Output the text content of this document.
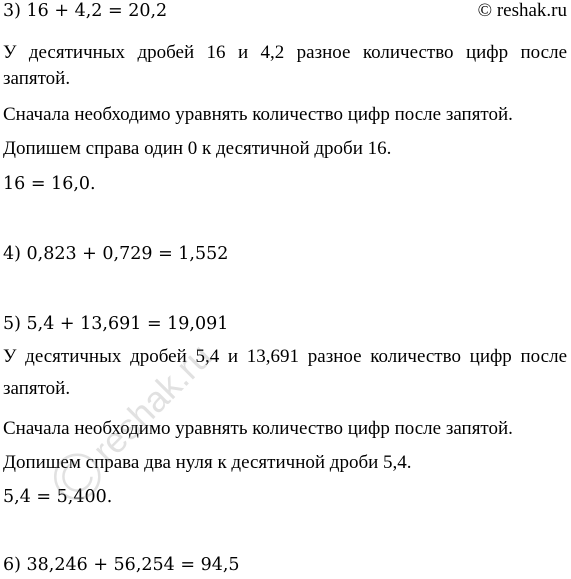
© reshak.ru
3) 16 + 4,2 = 20,2
У десятичных дробей 16 и 4,2 разное количество цифр после
запятой.
Сначала необходимо уравнять количество цифр после запятой.
Допишем справа один 0 к десятичной дроби 16.
16 = 16,0.
4) 0,823 + 0,729 = 1,552
5) 5,4 + 13,691 = 19,091
У десятичных дробей 5,4 и 13,691 разное количество цифр после
запятой.
Сначала необходимо уравнять количество цифр после запятой.
Допишем справа два нуля к десятичной дроби 5,4.
5,4 = 5,400.
6) 38,246 + 56,254 = 94,5
reshak.ru
